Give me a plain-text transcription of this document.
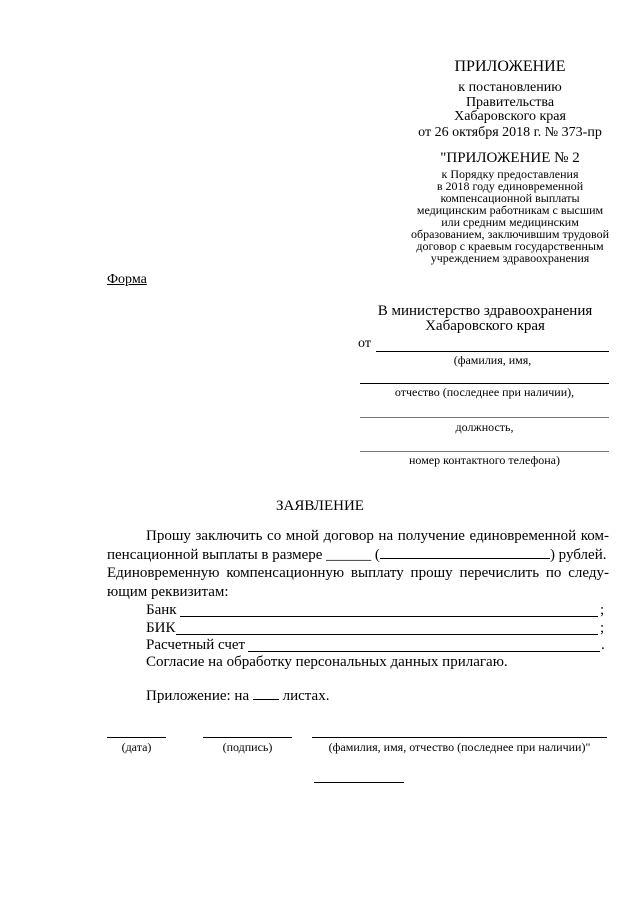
ПРИЛОЖЕНИЕ
к постановлению
Правительства
Хабаровского края
от 26 октября 2018 г. № 373-пр
"ПРИЛОЖЕНИЕ № 2
к Порядку предоставления
в 2018 году единовременной
компенсационной выплаты
медицинским работникам с высшим
или средним медицинским
образованием, заключившим трудовой
договор с краевым государственным
учреждением здравоохранения
Форма
В министерство здравоохранения
Хабаровского края
от
(фамилия, имя,
отчество (последнее при наличии),
должность,
номер контактного телефона)
ЗАЯВЛЕНИЕ
Прошу заключить со мной договор на получение единовременной ком-
пенсационной выплаты в размере ______ (	) рублей.
Единовременную компенсационную выплату прошу перечислить по следу-
ющим реквизитам:
Банк	;
БИК	;
Расчетный счет	.
Согласие на обработку персональных данных прилагаю.
Приложение: на листах.
(дата)	(подпись)	(фамилия, имя, отчество (последнее при наличии)"
